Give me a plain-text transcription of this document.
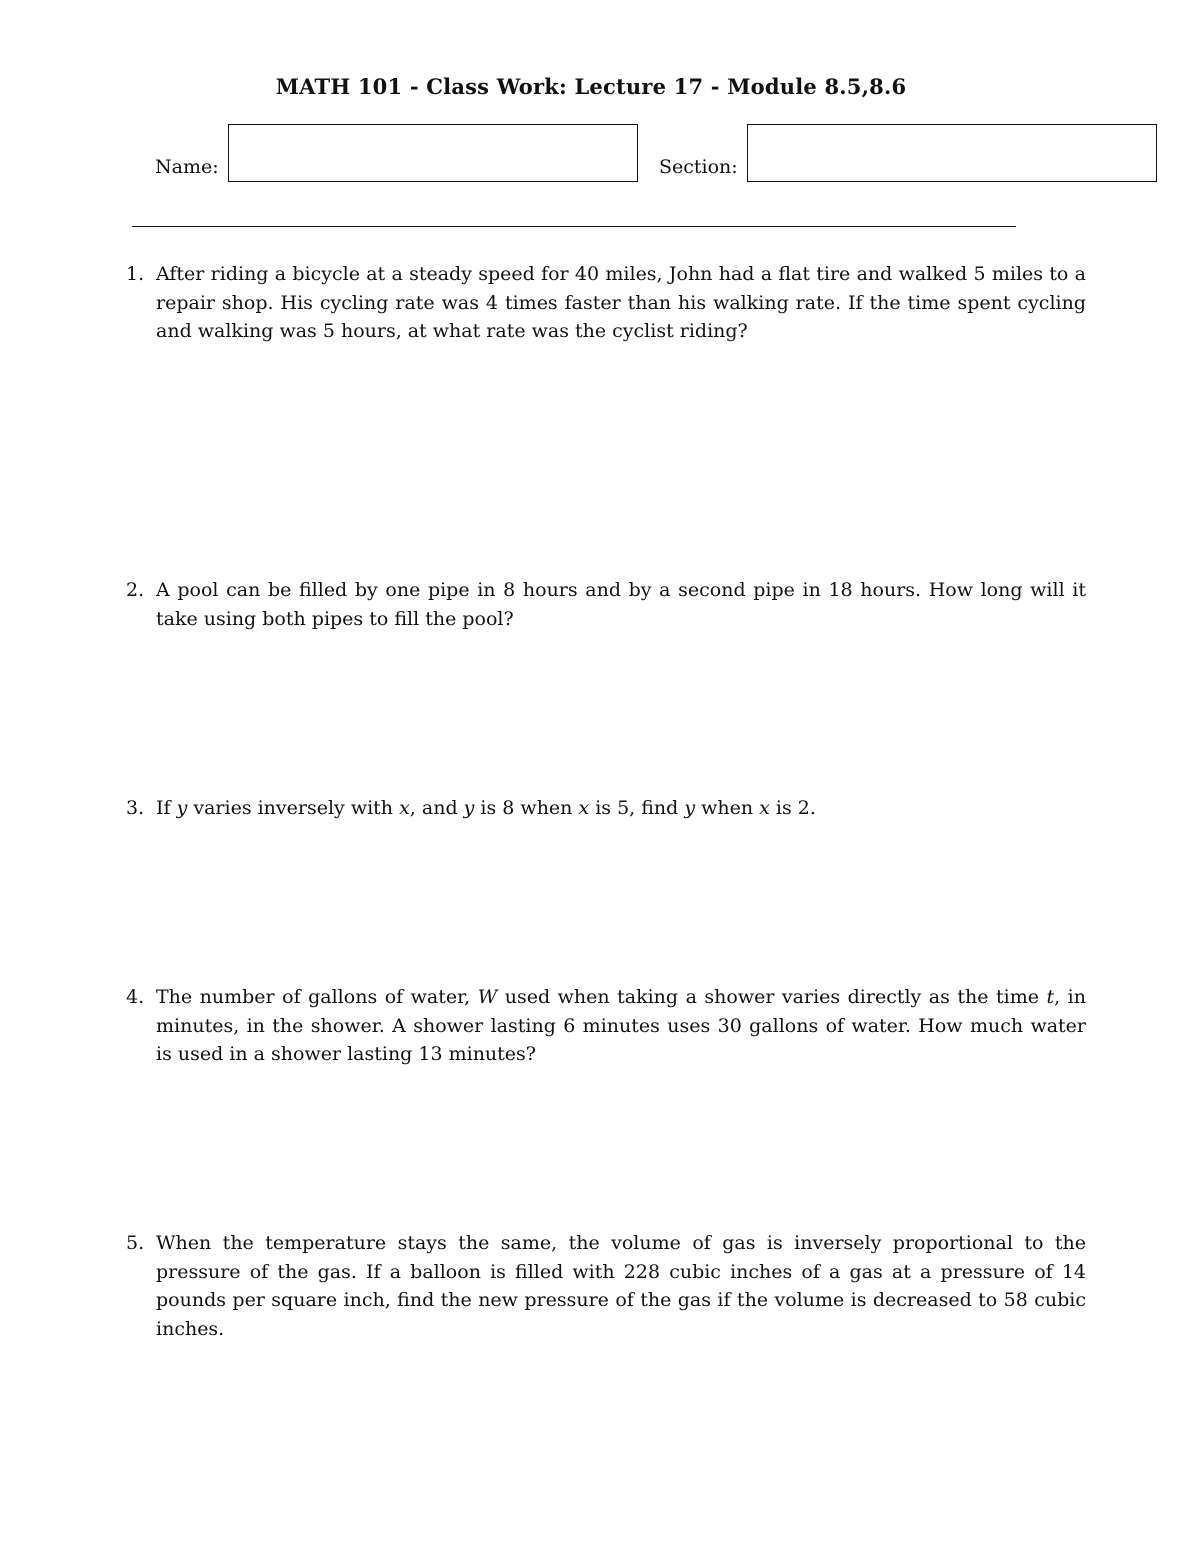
MATH 101 - Class Work: Lecture 17 - Module 8.5,8.6
Name:	Section:
1. After riding a bicycle at a steady speed for 40 miles, John had a flat tire and walked 5 miles to a repair shop. His cycling rate was 4 times faster than his walking rate. If the time spent cycling and walking was 5 hours, at what rate was the cyclist riding?
2. A pool can be filled by one pipe in 8 hours and by a second pipe in 18 hours. How long will it take using both pipes to fill the pool?
3. If y varies inversely with x, and y is 8 when x is 5, find y when x is 2.
4. The number of gallons of water, W used when taking a shower varies directly as the time t, in minutes, in the shower. A shower lasting 6 minutes uses 30 gallons of water. How much water is used in a shower lasting 13 minutes?
5. When the temperature stays the same, the volume of gas is inversely proportional to the pressure of the gas. If a balloon is filled with 228 cubic inches of a gas at a pressure of 14 pounds per square inch, find the new pressure of the gas if the volume is decreased to 58 cubic inches.
